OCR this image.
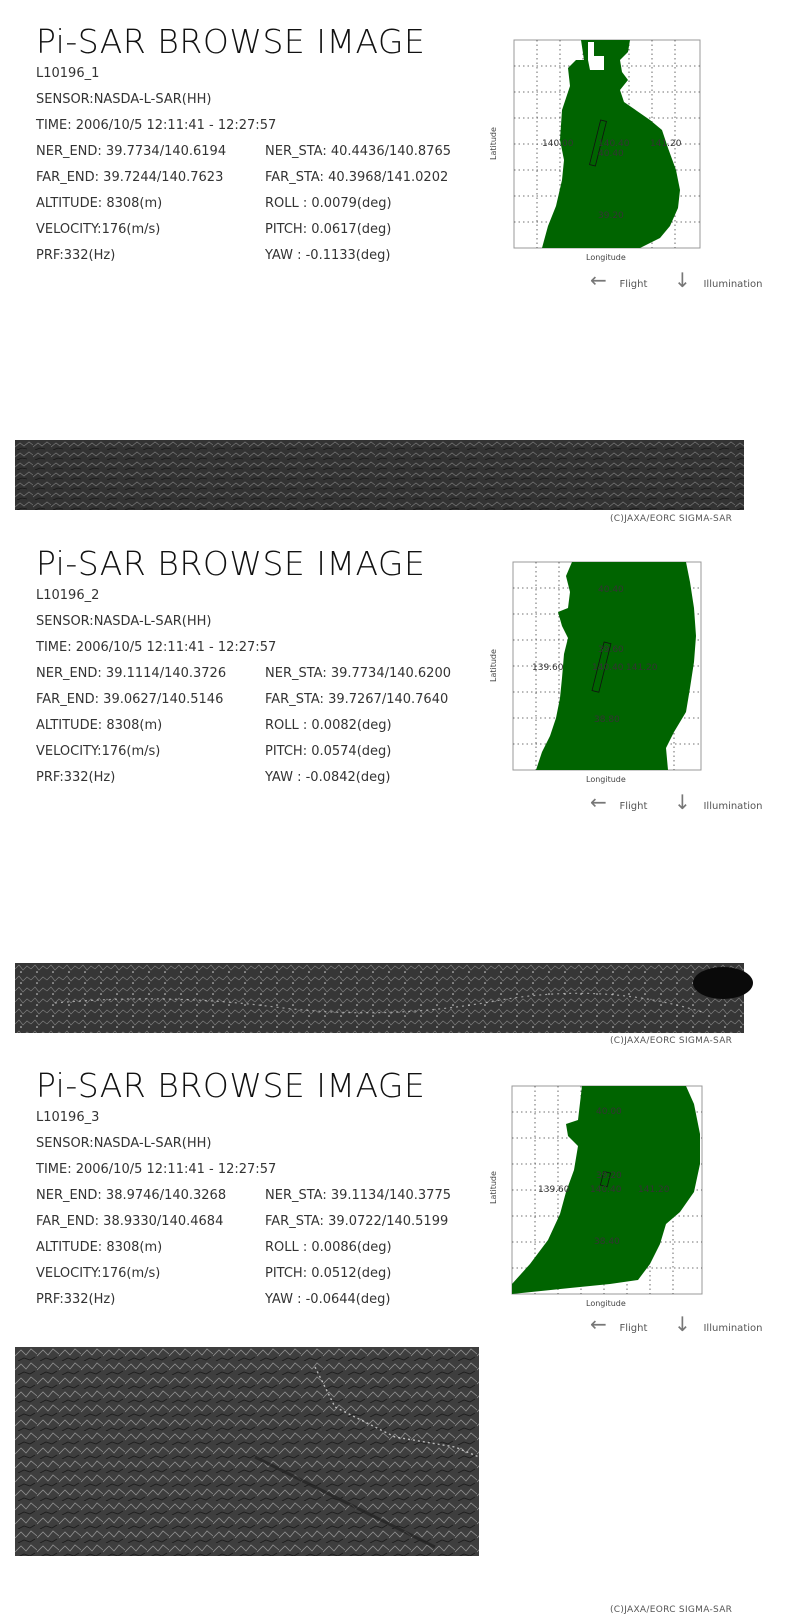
Pi-SAR BROWSE IMAGE
L10196_1
SENSOR:NASDA-L-SAR(HH)
TIME: 2006/10/5 12:11:41 - 12:27:57
NER_END: 39.7734/140.6194	NER_STA: 40.4436/140.8765
FAR_END: 39.7244/140.7623	FAR_STA: 40.3968/141.0202
ALTITUDE: 8308(m)	ROLL : 0.0079(deg)
VELOCITY:176(m/s)	PITCH: 0.0617(deg)
PRF:332(Hz)	YAW : -0.1133(deg)
140.00	140.40 141.20
40.40
39.20
Longitude
Latitude
← Flight	↓ Illumination
(C)JAXA/EORC SIGMA-SAR
Pi-SAR BROWSE IMAGE
L10196_2
SENSOR:NASDA-L-SAR(HH)
TIME: 2006/10/5 12:11:41 - 12:27:57
NER_END: 39.1114/140.3726	NER_STA: 39.7734/140.6200
FAR_END: 39.0627/140.5146	FAR_STA: 39.7267/140.7640
ALTITUDE: 8308(m)	ROLL : 0.0082(deg)
VELOCITY:176(m/s)	PITCH: 0.0574(deg)
PRF:332(Hz)	YAW : -0.0842(deg)
40.40
39.60
139.60	140.40 141.20
38.80
Longitude
Latitude
← Flight	↓ Illumination
(C)JAXA/EORC SIGMA-SAR
Pi-SAR BROWSE IMAGE
L10196_3
SENSOR:NASDA-L-SAR(HH)
TIME: 2006/10/5 12:11:41 - 12:27:57
NER_END: 38.9746/140.3268	NER_STA: 39.1134/140.3775
FAR_END: 38.9330/140.4684	FAR_STA: 39.0722/140.5199
ALTITUDE: 8308(m)	ROLL : 0.0086(deg)
VELOCITY:176(m/s)	PITCH: 0.0512(deg)
PRF:332(Hz)	YAW : -0.0644(deg)
40.00
39.20
139.60 140.40 141.20
38.40
Longitude
Latitude
← Flight	↓ Illumination
(C)JAXA/EORC SIGMA-SAR
